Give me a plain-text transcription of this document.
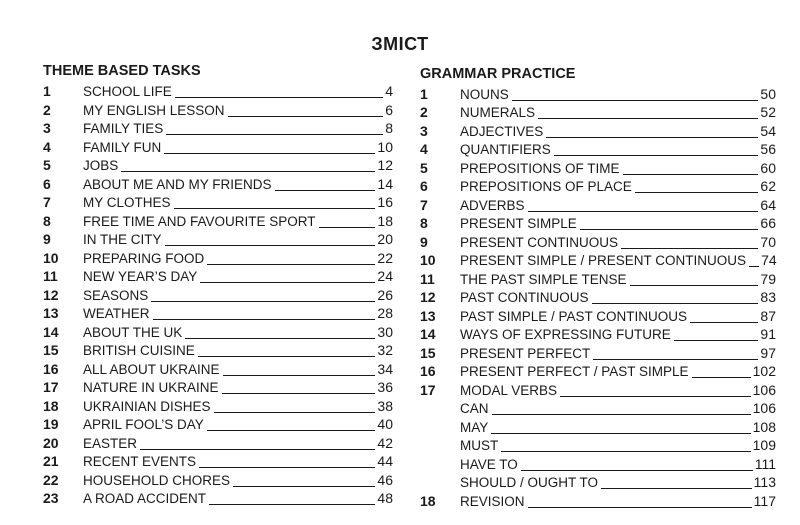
ЗМІСТ
THEME BASED TASKS
1	SCHOOL LIFE	4
2	MY ENGLISH LESSON	6
3	FAMILY TIES	8
4	FAMILY FUN	10
5	JOBS	12
6	ABOUT ME AND MY FRIENDS	14
7	MY CLOTHES	16
8	FREE TIME AND FAVOURITE SPORT	18
9	IN THE CITY	20
10	PREPARING FOOD	22
11	NEW YEAR’S DAY	24
12	SEASONS	26
13	WEATHER	28
14	ABOUT THE UK	30
15	BRITISH CUISINE	32
16	ALL ABOUT UKRAINE	34
17	NATURE IN UKRAINE	36
18	UKRAINIAN DISHES	38
19	APRIL FOOL’S DAY	40
20	EASTER	42
21	RECENT EVENTS	44
22	HOUSEHOLD CHORES	46
23	A ROAD ACCIDENT	48
GRAMMAR PRACTICE
1	NOUNS	50
2	NUMERALS	52
3	ADJECTIVES	54
4	QUANTIFIERS	56
5	PREPOSITIONS OF TIME	60
6	PREPOSITIONS OF PLACE	62
7	ADVERBS	64
8	PRESENT SIMPLE	66
9	PRESENT CONTINUOUS	70
10	PRESENT SIMPLE / PRESENT CONTINUOUS 74
11	THE PAST SIMPLE TENSE	79
12	PAST CONTINUOUS	83
13	PAST SIMPLE / PAST CONTINUOUS	87
14	WAYS OF EXPRESSING FUTURE	91
15	PRESENT PERFECT	97
16	PRESENT PERFECT / PAST SIMPLE	102
17	MODAL VERBS	106
CAN	106
MAY	108
MUST	109
HAVE TO	111
SHOULD / OUGHT TO	113
18	REVISION	117
